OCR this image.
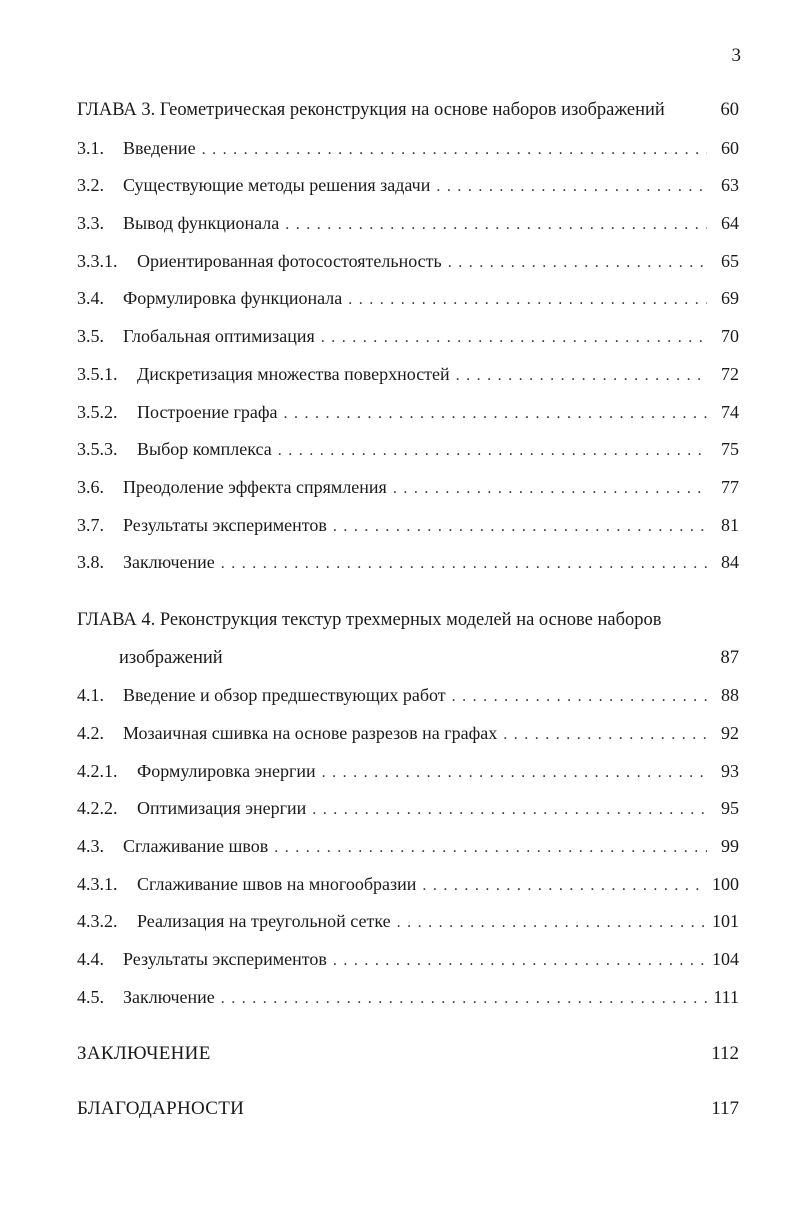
3
ГЛАВА 3. Геометрическая реконструкция на основе наборов изображений	60
3.1.	Введение . . .	60
3.2.	Существующие методы решения задачи . . .	63
3.3.	Вывод функционала . . .	64
3.3.1.	Ориентированная фотосостоятельность . . .	65
3.4.	Формулировка функционала . . .	69
3.5.	Глобальная оптимизация . . .	70
3.5.1.	Дискретизация множества поверхностей . . .	72
3.5.2.	Построение графа . . .	74
3.5.3.	Выбор комплекса . . .	75
3.6.	Преодоление эффекта спрямления . . .	77
3.7.	Результаты экспериментов . . .	81
3.8.	Заключение . . .	84
ГЛАВА 4. Реконструкция текстур трехмерных моделей на основе наборов
изображений	87
4.1.	Введение и обзор предшествующих работ . . .	88
4.2.	Мозаичная сшивка на основе разрезов на графах . . .	92
4.2.1.	Формулировка энергии . . .	93
4.2.2.	Оптимизация энергии . . .	95
4.3.	Сглаживание швов . . .	99
4.3.1.	Сглаживание швов на многообразии . . .	100
4.3.2.	Реализация на треугольной сетке . . .	101
4.4.	Результаты экспериментов . . .	104
4.5.	Заключение . . .	111
ЗАКЛЮЧЕНИЕ	112
БЛАГОДАРНОСТИ	117
